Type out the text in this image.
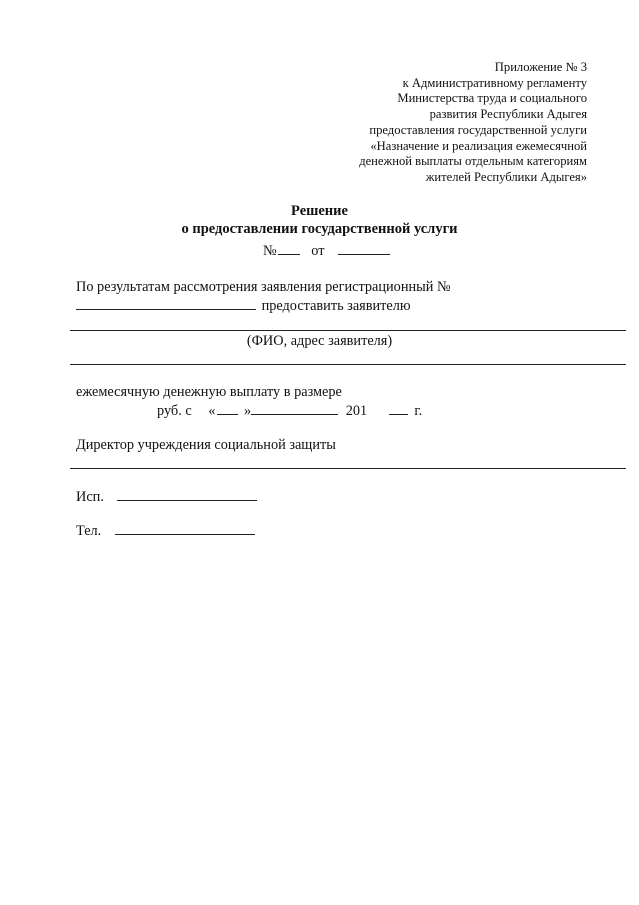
Приложение № 3
к Административному регламенту
Министерства труда и социального
развития Республики Адыгея
предоставления государственной услуги
«Назначение и реализация ежемесячной
денежной выплаты отдельным категориям
жителей Республики Адыгея»
Решение
о предоставлении государственной услуги
№ от
По результатам рассмотрения заявления регистрационный №
предоставить заявителю
(ФИО, адрес заявителя)
ежемесячную денежную выплату в размере
руб. с « »	201	г.
Директор учреждения социальной защиты
Исп.
Тел.
